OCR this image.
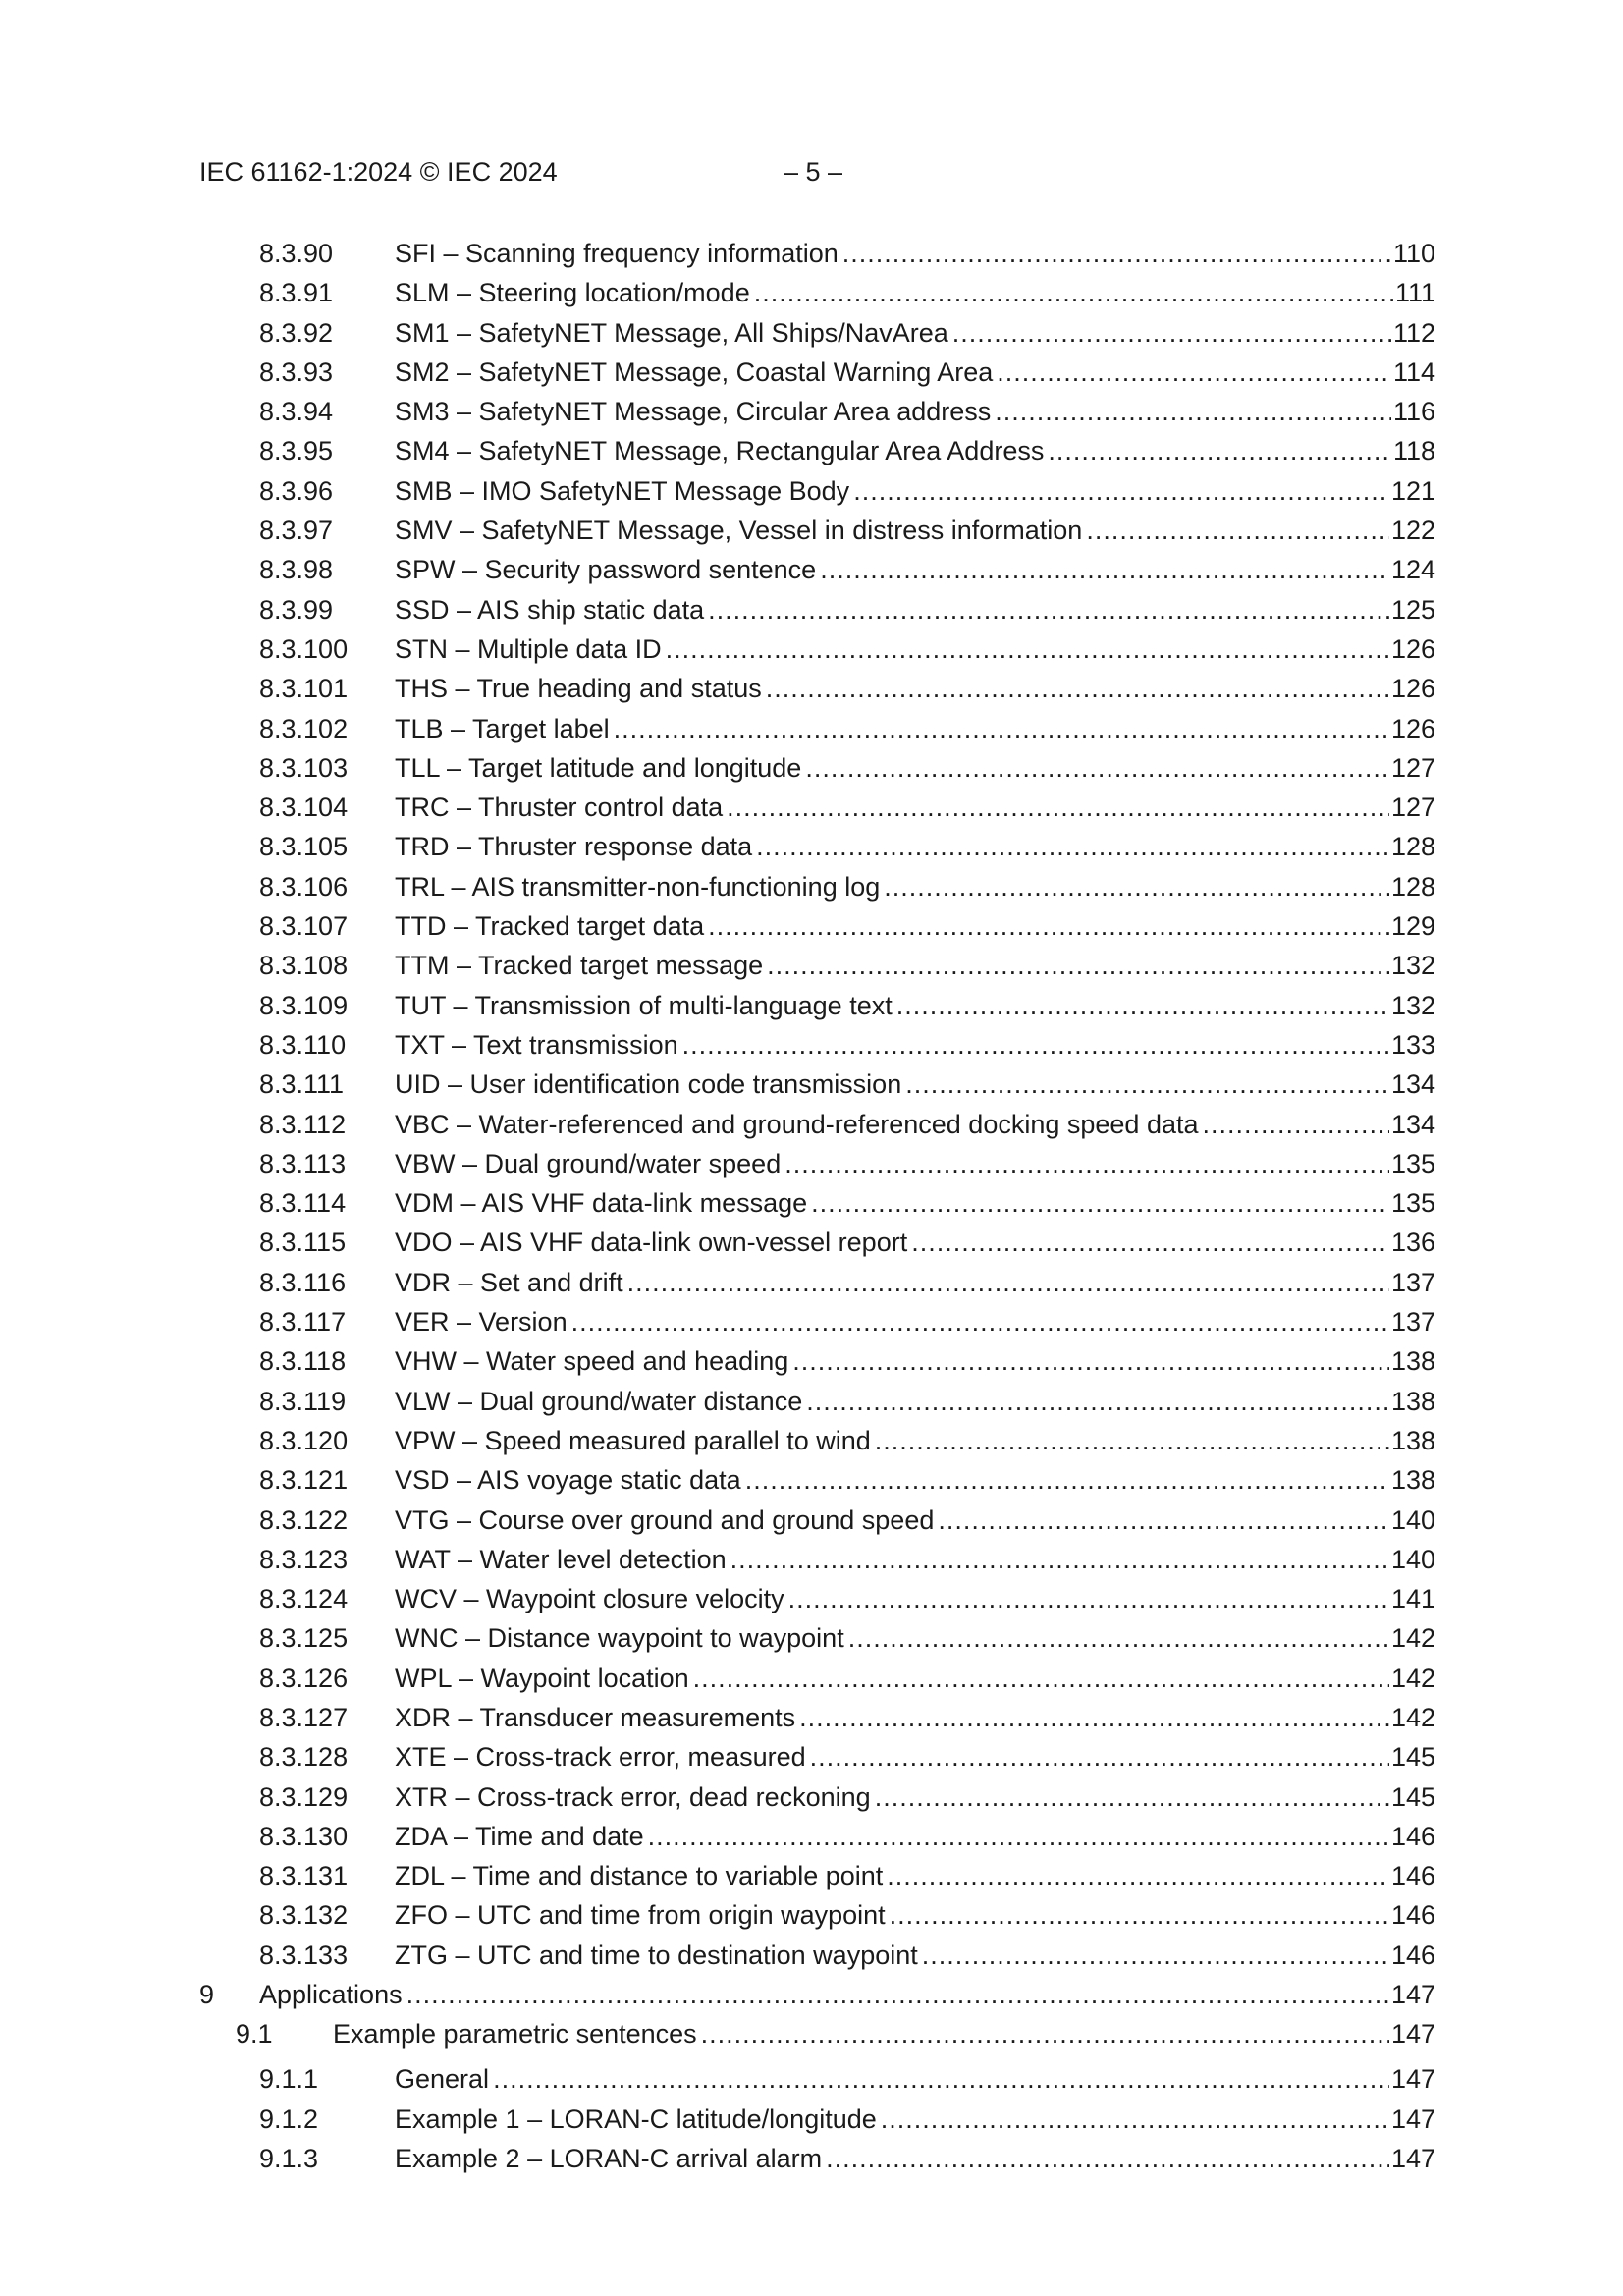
IEC 61162-1:2024 © IEC 2024	– 5 –
8.3.90 SFI – Scanning frequency information .....	110
8.3.91 SLM – Steering location/mode .....	111
8.3.92 SM1 – SafetyNET Message, All Ships/NavArea .....	112
8.3.93 SM2 – SafetyNET Message, Coastal Warning Area .....	114
8.3.94 SM3 – SafetyNET Message, Circular Area address .....	116
8.3.95 SM4 – SafetyNET Message, Rectangular Area Address .....	118
8.3.96 SMB – IMO SafetyNET Message Body .....	121
8.3.97 SMV – SafetyNET Message, Vessel in distress information .....	122
8.3.98 SPW – Security password sentence .....	124
8.3.99 SSD – AIS ship static data .....	125
8.3.100 STN – Multiple data ID .....	126
8.3.101 THS – True heading and status .....	126
8.3.102 TLB – Target label .....	126
8.3.103 TLL – Target latitude and longitude .....	127
8.3.104 TRC – Thruster control data .....	127
8.3.105 TRD – Thruster response data .....	128
8.3.106 TRL – AIS transmitter-non-functioning log .....	128
8.3.107 TTD – Tracked target data .....	129
8.3.108 TTM – Tracked target message .....	132
8.3.109 TUT – Transmission of multi-language text .....	132
8.3.110 TXT – Text transmission .....	133
8.3.111 UID – User identification code transmission .....	134
8.3.112 VBC – Water-referenced and ground-referenced docking speed data .....	134
8.3.113 VBW – Dual ground/water speed .....	135
8.3.114 VDM – AIS VHF data-link message .....	135
8.3.115 VDO – AIS VHF data-link own-vessel report .....	136
8.3.116 VDR – Set and drift .....	137
8.3.117 VER – Version .....	137
8.3.118 VHW – Water speed and heading .....	138
8.3.119 VLW – Dual ground/water distance .....	138
8.3.120 VPW – Speed measured parallel to wind .....	138
8.3.121 VSD – AIS voyage static data .....	138
8.3.122 VTG – Course over ground and ground speed .....	140
8.3.123 WAT – Water level detection .....	140
8.3.124 WCV – Waypoint closure velocity .....	141
8.3.125 WNC – Distance waypoint to waypoint .....	142
8.3.126 WPL – Waypoint location .....	142
8.3.127 XDR – Transducer measurements .....	142
8.3.128 XTE – Cross-track error, measured .....	145
8.3.129 XTR – Cross-track error, dead reckoning .....	145
8.3.130 ZDA – Time and date .....	146
8.3.131 ZDL – Time and distance to variable point .....	146
8.3.132 ZFO – UTC and time from origin waypoint .....	146
8.3.133 ZTG – UTC and time to destination waypoint .....	146
9 Applications .....	147
9.1 Example parametric sentences .....	147
9.1.1	General .....	147
9.1.2	Example 1 – LORAN-C latitude/longitude .....	147
9.1.3	Example 2 – LORAN-C arrival alarm .....	147
